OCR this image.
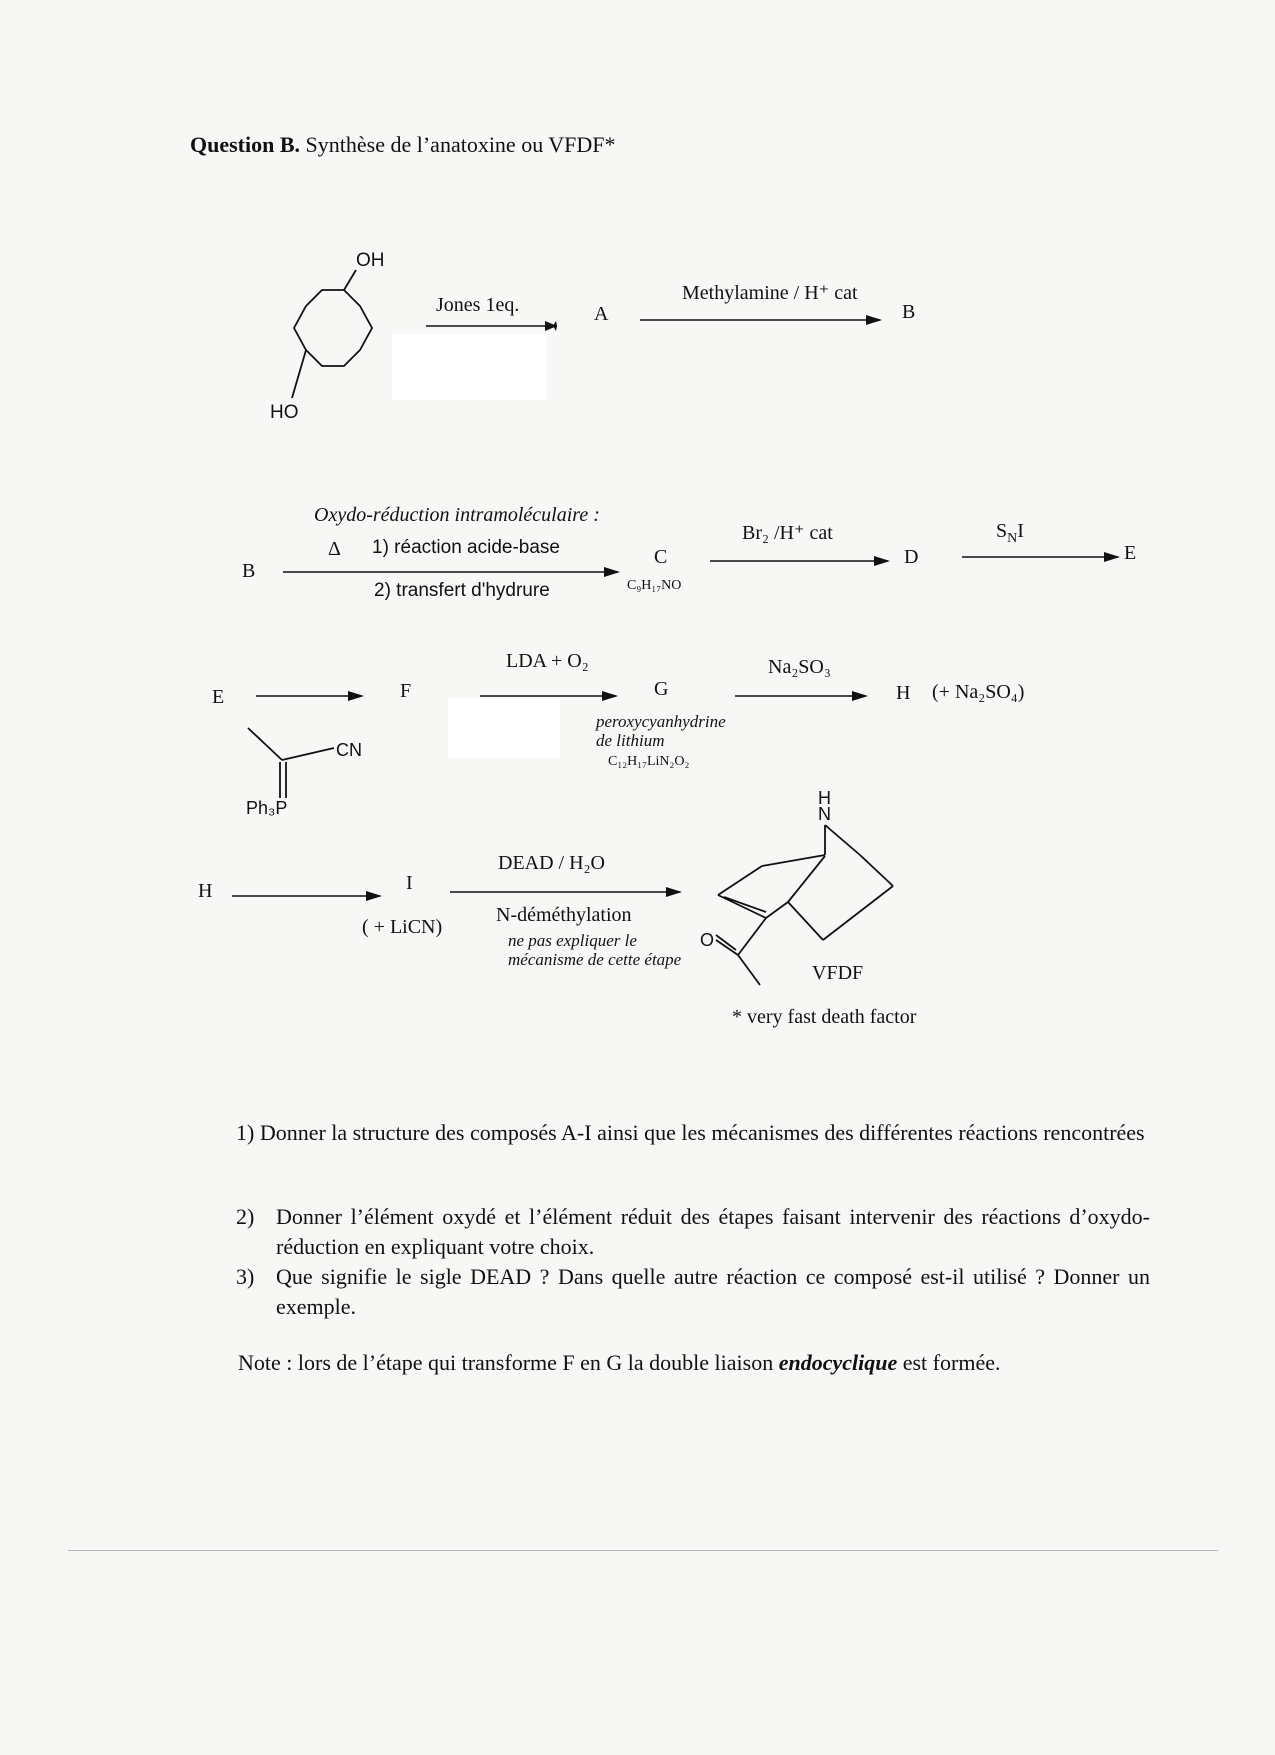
Question B. Synthèse de l’anatoxine ou VFDF*
OH
HO
Jones 1eq.	A
Methylamine / H⁺ cat
B
Oxydo-réduction intramoléculaire :
B
Δ 1) réaction acide-base
2) transfert d'hydrure
C
C₉H₁₇NO
Br₂ /H⁺ cat
D
$S_NI$
E
E
CN
Ph₃P
F
LDA + O₂
G
peroxycyanhydrine
de lithium
C₁₂H₁₇LiN₂O₂
Na₂SO₃
H (+ Na₂SO₄)
H	I
( + LiCN)
DEAD / H₂O
N-déméthylation
ne pas expliquer le
mécanisme de cette étape
H
N
O
VFDF
* very fast death factor
1) Donner la structure des composés A-I ainsi que les mécanismes des différentes réactions rencontrées
2) Donner l’élément oxydé et l’élément réduit des étapes faisant intervenir des réactions d’oxydo-réduction en expliquant votre choix.
3) Que signifie le sigle DEAD ? Dans quelle autre réaction ce composé est-il utilisé ? Donner un exemple.
Note : lors de l’étape qui transforme F en G la double liaison endocyclique est formée.
